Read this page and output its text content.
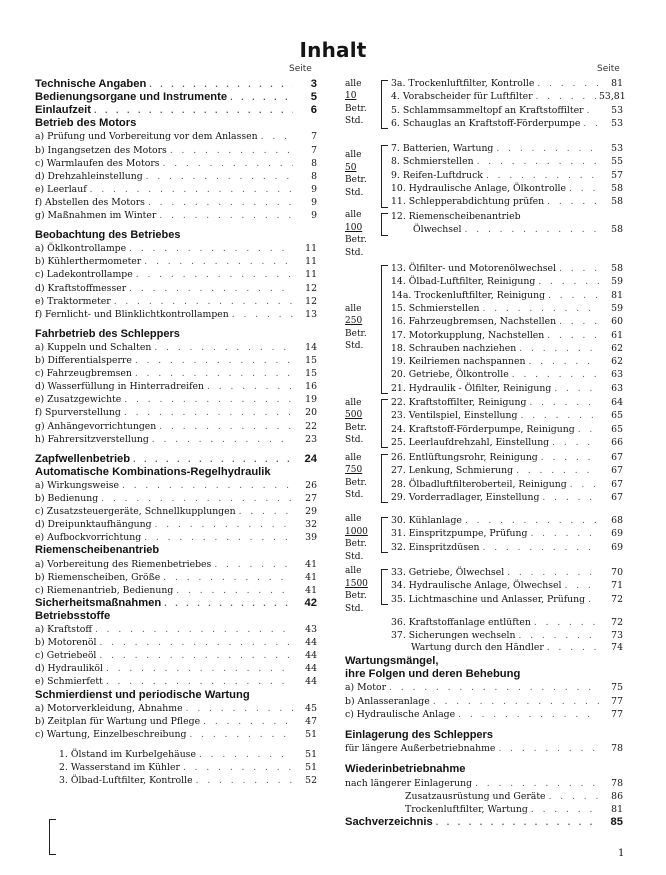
Inhalt
Seite	Seite
Technische Angaben . . .	3
Bedienungsorgane und Instrumente . . .	5
Einlaufzeit . . .	6
Betrieb des Motors
a) Prüfung und Vorbereitung vor dem Anlassen . . .	7
b) Ingangsetzen des Motors . . .	7
c) Warmlaufen des Motors . . .	8
d) Drehzahleinstellung . . .	8
e) Leerlauf . . .	9
f) Abstellen des Motors . . .	9
g) Maßnahmen im Winter . . .	9
Beobachtung des Betriebes
a) Öklkontrollampe . . .	11
b) Kühlerthermometer . . .	11
c) Ladekontrollampe . . .	11
d) Kraftstoffmesser . . .	12
e) Traktormeter . . .	12
f) Fernlicht- und Blinklichtkontrollampen . . .	13
Fahrbetrieb des Schleppers
a) Kuppeln und Schalten . . .	14
b) Differentialsperre . . .	15
c) Fahrzeugbremsen . . .	15
d) Wasserfüllung in Hinterradreifen . . .	16
e) Zusatzgewichte . . .	19
f) Spurverstellung . . .	20
g) Anhängevorrichtungen . . .	22
h) Fahrersitzverstellung . . .	23
Zapfwellenbetrieb . . .	24
Automatische Kombinations-Regelhydraulik
a) Wirkungsweise . . .	26
b) Bedienung . . .	27
c) Zusatzsteuergeräte, Schnellkupplungen . . .	29
d) Dreipunktaufhängung . . .	32
e) Aufbockvorrichtung . . .	39
Riemenscheibenantrieb
a) Vorbereitung des Riemenbetriebes . . .	41
b) Riemenscheiben, Größe . . .	41
c) Riemenantrieb, Bedienung . . .	41
Sicherheitsmaßnahmen . . .	42
Betriebsstoffe
a) Kraftstoff . . .	43
b) Motorenöl . . .	44
c) Getriebeöl . . .	44
d) Hydrauliköl . . .	44
e) Schmierfett . . .	44
Schmierdienst und periodische Wartung
a) Motorverkleidung, Abnahme . . .	45
b) Zeitplan für Wartung und Pflege . . .	47
c) Wartung, Einzelbeschreibung . . .	51
1. Ölstand im Kurbelgehäuse . . .	51
2. Wasserstand im Kühler . . .	51
3. Ölbad-Luftfilter, Kontrolle . . .	52
alle
10
Betr.
Std.
3a. Trockenluftfilter, Kontrolle . . .	81
4. Vorabscheider für Luftfilter . . .	53,81
5. Schlammsammeltopf an Kraftstoffilter . . .	53
6. Schauglas an Kraftstoff-Förderpumpe . . .	53
alle
50
Betr.
Std.
7. Batterien, Wartung . . .	53
8. Schmierstellen . . .	55
9. Reifen-Luftdruck . . .	57
10. Hydraulische Anlage, Ölkontrolle . . .	58
11. Schlepperabdichtung prüfen . . .	58
alle
100
Betr.
Std.
12. Riemenscheibenantrieb
Ölwechsel . . .	58
alle
250
Betr.
Std.
13. Ölfilter- und Motorenölwechsel . . .	58
14. Ölbad-Luftfilter, Reinigung . . .	59
14a. Trockenluftfilter, Reinigung . . .	81
15. Schmierstellen . . .	59
16. Fahrzeugbremsen, Nachstellen . . .	60
17. Motorkupplung, Nachstellen . . .	61
18. Schrauben nachziehen . . .	62
19. Keilriemen nachspannen . . .	62
20. Getriebe, Ölkontrolle . . .	63
21. Hydraulik - Ölfilter, Reinigung . . .	63
alle
500
Betr.
Std.
22. Kraftstoffilter, Reinigung . . .	64
23. Ventilspiel, Einstellung . . .	65
24. Kraftstoff-Förderpumpe, Reinigung . . .	65
25. Leerlaufdrehzahl, Einstellung . . .	66
alle
750
Betr.
Std.
26. Entlüftungsrohr, Reinigung . . .	67
27. Lenkung, Schmierung . . .	67
28. Ölbadluftfilteroberteil, Reinigung . . .	67
29. Vorderradlager, Einstellung . . .	67
alle
1000
Betr.
Std.
30. Kühlanlage . . .	68
31. Einspritzpumpe, Prüfung . . .	69
32. Einspritzdüsen . . .	69
alle
1500
Betr.
Std.
33. Getriebe, Ölwechsel . . .	70
34. Hydraulische Anlage, Ölwechsel . . .	71
35. Lichtmaschine und Anlasser, Prüfung . . .	72
36. Kraftstoffanlage entlüften . . .	72
37. Sicherungen wechseln . . .	73
Wartung durch den Händler . . .	74
Wartungsmängel,
ihre Folgen und deren Behebung
a) Motor . . .	75
b) Anlasseranlage . . .	77
c) Hydraulische Anlage . . .	77
Einlagerung des Schleppers
für längere Außerbetriebnahme . . .	78
Wiederinbetriebnahme
nach längerer Einlagerung . . .	78
Zusatzausrüstung und Geräte . . .	86
Trockenluftfilter, Wartung . . .	81
Sachverzeichnis . . .	85
1
